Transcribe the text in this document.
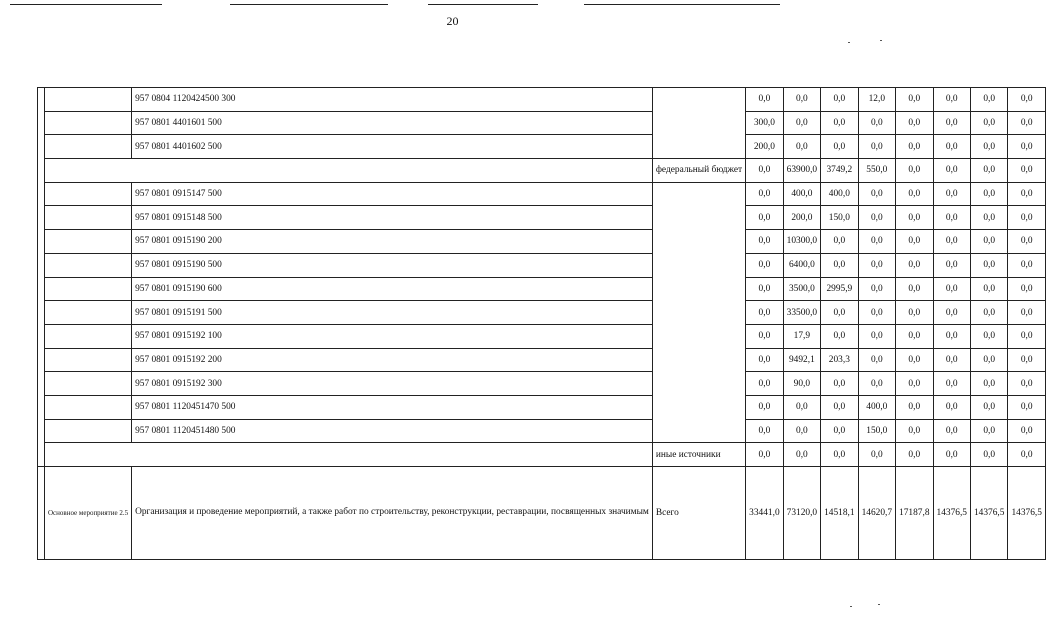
20
		957 0804 1120424500 300		0,0	0,0	0,0	12,0	0,0	0,0	0,0	0,0
		957 0801 4401601 500		300,0	0,0	0,0	0,0	0,0	0,0	0,0	0,0
		957 0801 4401602 500		200,0	0,0	0,0	0,0	0,0	0,0	0,0	0,0
			федеральный бюджет	0,0	63900,0	3749,2	550,0	0,0	0,0	0,0	0,0
		957 0801 0915147 500		0,0	400,0	400,0	0,0	0,0	0,0	0,0	0,0
		957 0801 0915148 500		0,0	200,0	150,0	0,0	0,0	0,0	0,0	0,0
		957 0801 0915190 200		0,0	10300,0	0,0	0,0	0,0	0,0	0,0	0,0
		957 0801 0915190 500		0,0	6400,0	0,0	0,0	0,0	0,0	0,0	0,0
		957 0801 0915190 600		0,0	3500,0	2995,9	0,0	0,0	0,0	0,0	0,0
		957 0801 0915191 500		0,0	33500,0	0,0	0,0	0,0	0,0	0,0	0,0
		957 0801 0915192 100		0,0	17,9	0,0	0,0	0,0	0,0	0,0	0,0
		957 0801 0915192 200		0,0	9492,1	203,3	0,0	0,0	0,0	0,0	0,0
		957 0801 0915192 300		0,0	90,0	0,0	0,0	0,0	0,0	0,0	0,0
		957 0801 1120451470 500		0,0	0,0	0,0	400,0	0,0	0,0	0,0	0,0
		957 0801 1120451480 500		0,0	0,0	0,0	150,0	0,0	0,0	0,0	0,0
			иные источники	0,0	0,0	0,0	0,0	0,0	0,0	0,0	0,0
	Основное мероприятие 2.5	Организация и проведение мероприятий, а также работ по строительству, реконструкции, реставрации, посвященных значимым	Всего	33441,0	73120,0	14518,1	14620,7	17187,8	14376,5	14376,5	14376,5
